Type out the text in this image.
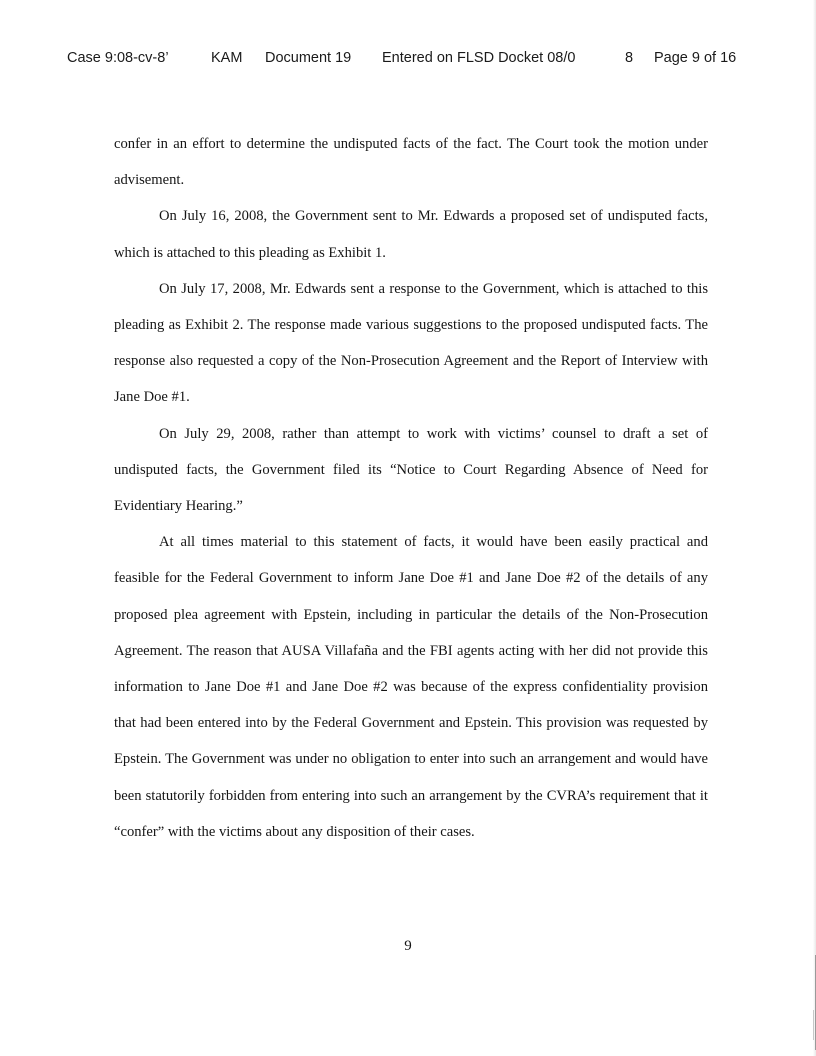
Case 9:08-cv-8’	KAM Document 19 Entered on FLSD Docket 08/0	8 Page 9 of 16

confer in an effort to determine the undisputed facts of the fact. The Court took the motion under advisement.

On July 16, 2008, the Government sent to Mr. Edwards a proposed set of undisputed facts, which is attached to this pleading as Exhibit 1.

On July 17, 2008, Mr. Edwards sent a response to the Government, which is attached to this pleading as Exhibit 2. The response made various suggestions to the proposed undisputed facts. The response also requested a copy of the Non-Prosecution Agreement and the Report of Interview with Jane Doe #1.

On July 29, 2008, rather than attempt to work with victims’ counsel to draft a set of undisputed facts, the Government filed its “Notice to Court Regarding Absence of Need for Evidentiary Hearing.”

At all times material to this statement of facts, it would have been easily practical and feasible for the Federal Government to inform Jane Doe #1 and Jane Doe #2 of the details of any proposed plea agreement with Epstein, including in particular the details of the Non-Prosecution Agreement. The reason that AUSA Villafaña and the FBI agents acting with her did not provide this information to Jane Doe #1 and Jane Doe #2 was because of the express confidentiality provision that had been entered into by the Federal Government and Epstein. This provision was requested by Epstein. The Government was under no obligation to enter into such an arrangement and would have been statutorily forbidden from entering into such an arrangement by the CVRA’s requirement that it “confer” with the victims about any disposition of their cases.

9
